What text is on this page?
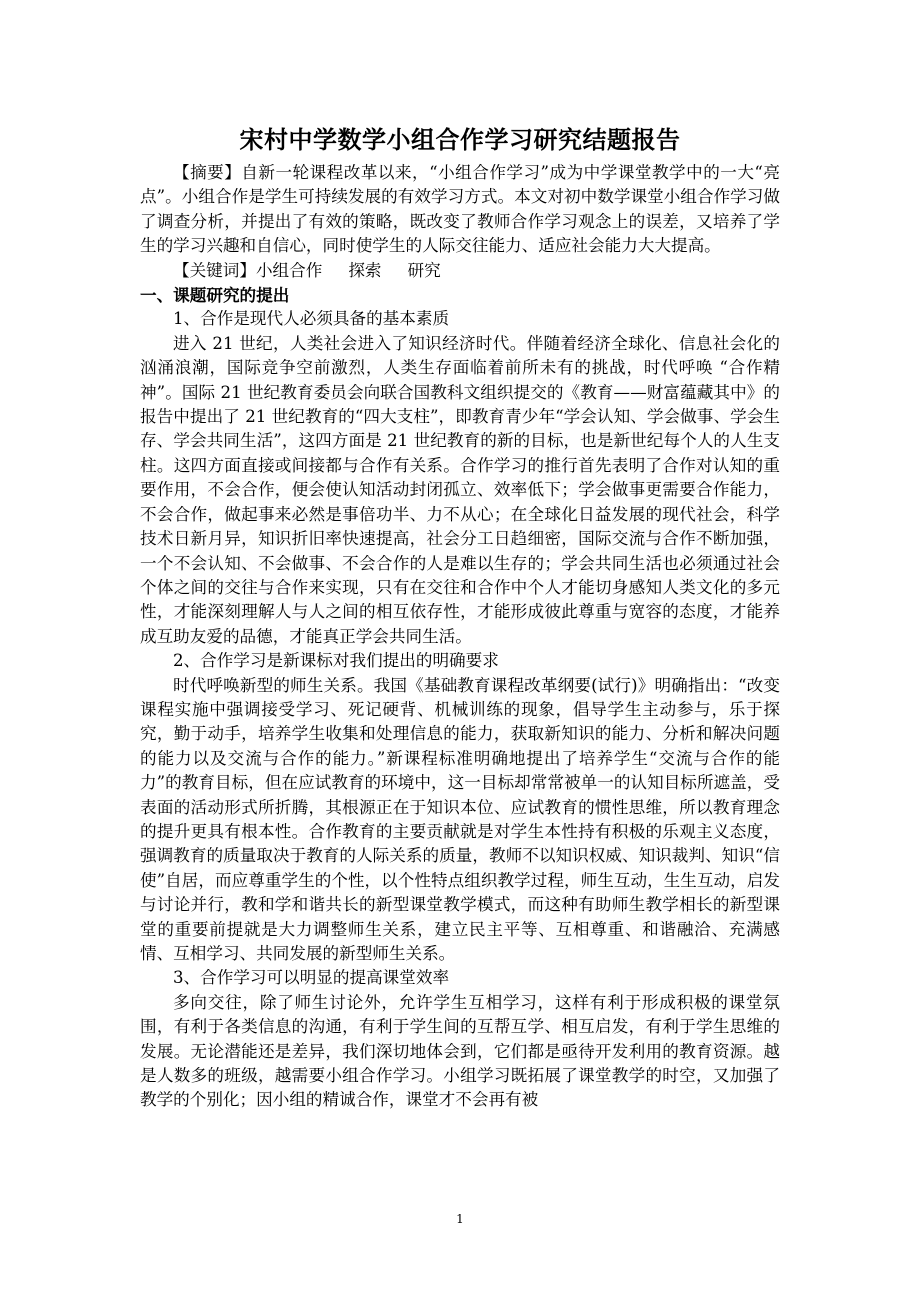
宋村中学数学小组合作学习研究结题报告

【摘要】自新一轮课程改革以来，“小组合作学习”成为中学课堂教学中的一大“亮点”。小组合作是学生可持续发展的有效学习方式。本文对初中数学课堂小组合作学习做了调查分析，并提出了有效的策略，既改变了教师合作学习观念上的误差，又培养了学生的学习兴趣和自信心，同时使学生的人际交往能力、适应社会能力大大提高。

【关键词】小组合作 探索 研究

一、课题研究的提出

1、合作是现代人必须具备的基本素质

进入 21 世纪，人类社会进入了知识经济时代。伴随着经济全球化、信息社会化的汹涌浪潮，国际竞争空前激烈，人类生存面临着前所未有的挑战，时代呼唤 “合作精神”。国际 21 世纪教育委员会向联合国教科文组织提交的《教育——财富蕴藏其中》的报告中提出了 21 世纪教育的“四大支柱”，即教育青少年“学会认知、学会做事、学会生存、学会共同生活”，这四方面是 21 世纪教育的新的目标，也是新世纪每个人的人生支柱。这四方面直接或间接都与合作有关系。合作学习的推行首先表明了合作对认知的重要作用，不会合作，便会使认知活动封闭孤立、效率低下；学会做事更需要合作能力，不会合作，做起事来必然是事倍功半、力不从心；在全球化日益发展的现代社会，科学技术日新月异，知识折旧率快速提高，社会分工日趋细密，国际交流与合作不断加强，一个不会认知、不会做事、不会合作的人是难以生存的；学会共同生活也必须通过社会个体之间的交往与合作来实现，只有在交往和合作中个人才能切身感知人类文化的多元性，才能深刻理解人与人之间的相互依存性，才能形成彼此尊重与宽容的态度，才能养成互助友爱的品德，才能真正学会共同生活。

2、合作学习是新课标对我们提出的明确要求

时代呼唤新型的师生关系。我国《基础教育课程改革纲要(试行)》明确指出：“改变课程实施中强调接受学习、死记硬背、机械训练的现象，倡导学生主动参与，乐于探究，勤于动手，培养学生收集和处理信息的能力，获取新知识的能力、分析和解决问题的能力以及交流与合作的能力。”新课程标准明确地提出了培养学生“交流与合作的能力”的教育目标，但在应试教育的环境中，这一目标却常常被单一的认知目标所遮盖，受表面的活动形式所折腾，其根源正在于知识本位、应试教育的惯性思维，所以教育理念的提升更具有根本性。合作教育的主要贡献就是对学生本性持有积极的乐观主义态度，强调教育的质量取决于教育的人际关系的质量，教师不以知识权威、知识裁判、知识“信使”自居，而应尊重学生的个性，以个性特点组织教学过程，师生互动，生生互动，启发与讨论并行，教和学和谐共长的新型课堂教学模式，而这种有助师生教学相长的新型课堂的重要前提就是大力调整师生关系，建立民主平等、互相尊重、和谐融洽、充满感情、互相学习、共同发展的新型师生关系。

3、合作学习可以明显的提高课堂效率

多向交往，除了师生讨论外，允许学生互相学习，这样有利于形成积极的课堂氛围，有利于各类信息的沟通，有利于学生间的互帮互学、相互启发，有利于学生思维的发展。无论潜能还是差异，我们深切地体会到，它们都是亟待开发利用的教育资源。越是人数多的班级，越需要小组合作学习。小组学习既拓展了课堂教学的时空，又加强了教学的个别化；因小组的精诚合作，课堂才不会再有被

1
